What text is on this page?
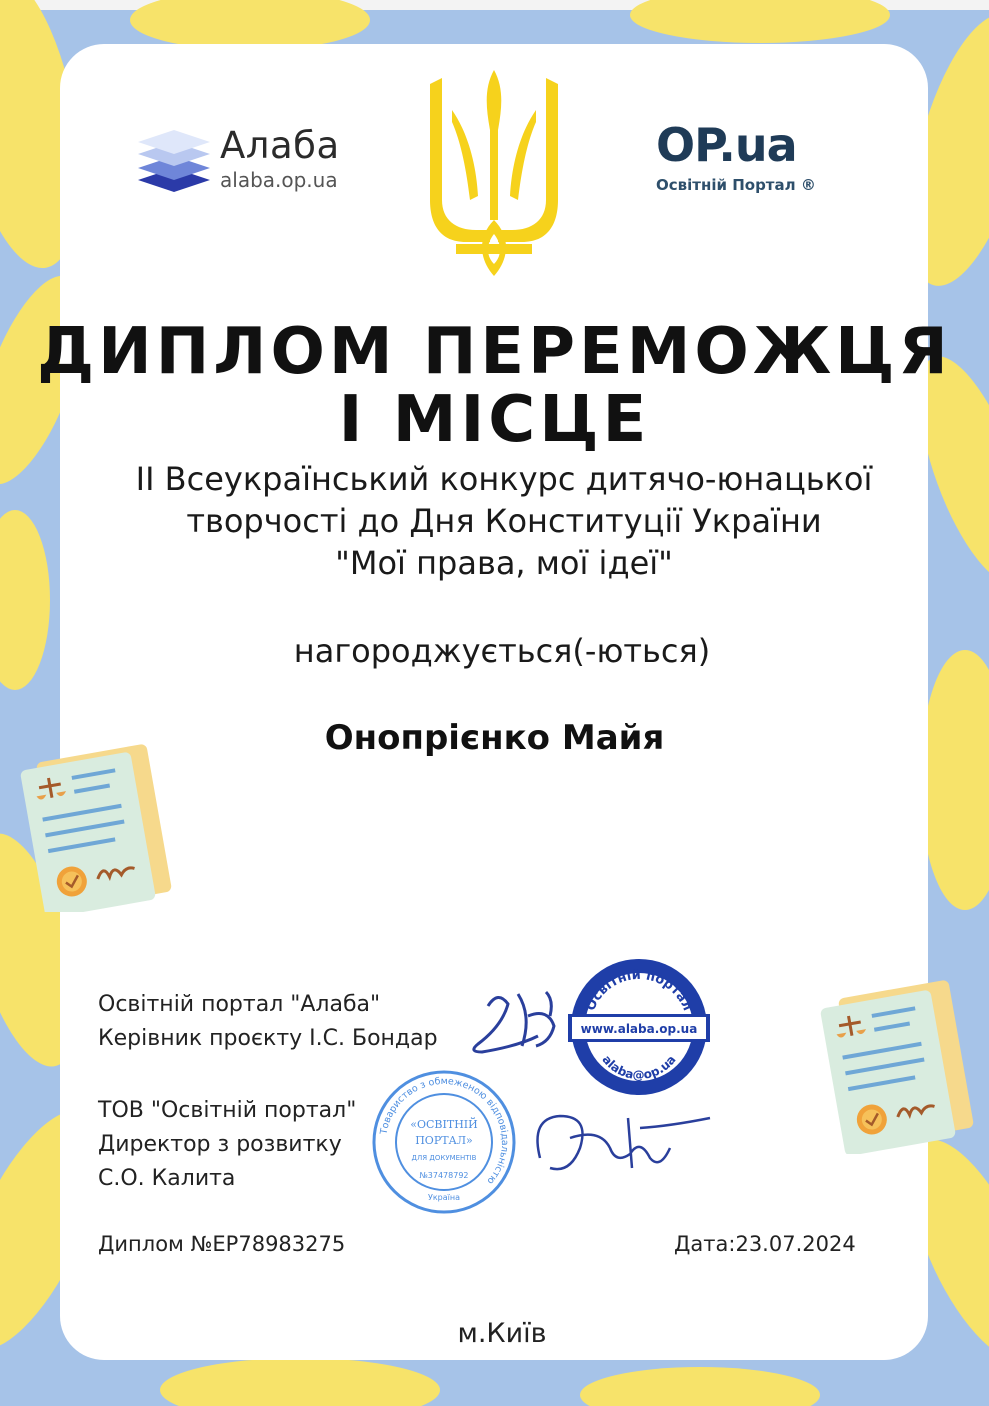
Алаба
alaba.op.ua
OP.ua
Освітній Портал ®
ДИПЛОМ ПЕРЕМОЖЦЯ
І МІСЦЕ
ІІ Всеукраїнський конкурс дитячо-юнацької
творчості до Дня Конституції України
"Мої права, мої ідеї"
нагороджується(-ються)
Онопрієнко Майя
Освітній портал "Алаба"
Керівник проєкту І.С. Бондар
ТОВ "Освітній портал"
Директор з розвитку
С.О. Калита
Освітній портал
www.alaba.op.ua
alaba@op.ua
Товариство з обмеженою відповідальністю
«ОСВІТНІЙ
ПОРТАЛ»
ДЛЯ ДОКУМЕНТІВ
№37478792
Україна
Диплом №EP78983275	Дата:23.07.2024
м.Київ
